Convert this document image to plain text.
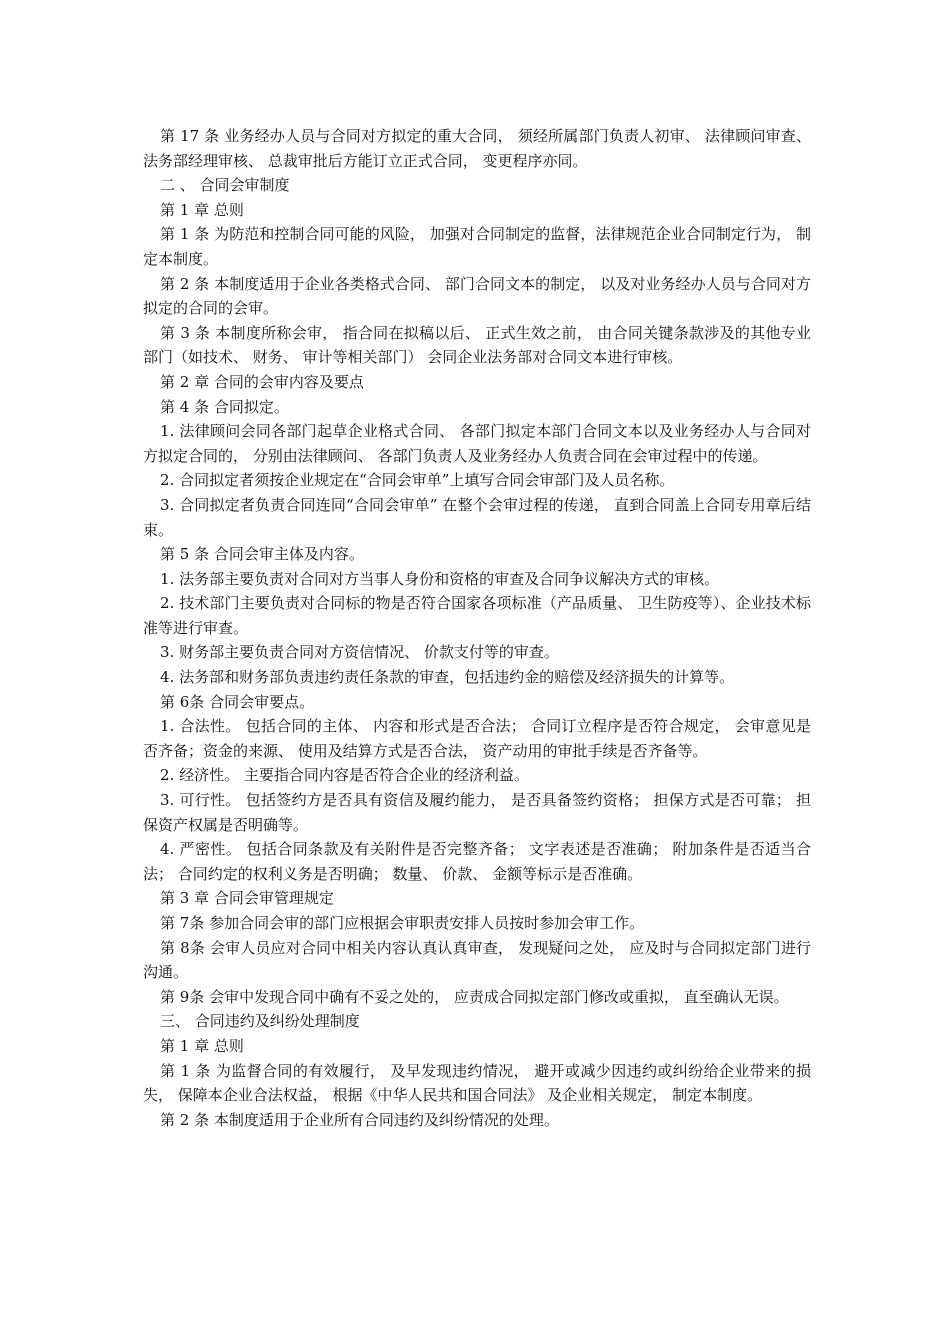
第 17 条 业务经办人员与合同对方拟定的重大合同， 须经所属部门负责人初审、 法律顾问审查、 法务部经理审核、 总裁审批后方能订立正式合同， 变更程序亦同。

二 、 合同会审制度

第 1 章 总则

第 1 条 为防范和控制合同可能的风险， 加强对合同制定的监督，法律规范企业合同制定行为， 制定本制度。

第 2 条 本制度适用于企业各类格式合同、 部门合同文本的制定， 以及对业务经办人员与合同对方拟定的合同的会审。

第 3 条 本制度所称会审， 指合同在拟稿以后、 正式生效之前， 由合同关键条款涉及的其他专业部门（如技术、 财务、 审计等相关部门） 会同企业法务部对合同文本进行审核。

第 2 章 合同的会审内容及要点

第 4 条 合同拟定。

1. 法律顾问会同各部门起草企业格式合同、 各部门拟定本部门合同文本以及业务经办人与合同对方拟定合同的， 分别由法律顾问、 各部门负责人及业务经办人负责合同在会审过程中的传递。

2. 合同拟定者须按企业规定在“合同会审单”上填写合同会审部门及人员名称。

3. 合同拟定者负责合同连同“合同会审单” 在整个会审过程的传递， 直到合同盖上合同专用章后结束。

第 5 条 合同会审主体及内容。

1. 法务部主要负责对合同对方当事人身份和资格的审查及合同争议解决方式的审核。

2. 技术部门主要负责对合同标的物是否符合国家各项标准（产品质量、 卫生防疫等）、企业技术标准等进行审查。

3. 财务部主要负责合同对方资信情况、 价款支付等的审查。

4. 法务部和财务部负责违约责任条款的审查，包括违约金的赔偿及经济损失的计算等。

第 6条 合同会审要点。

1. 合法性。 包括合同的主体、 内容和形式是否合法； 合同订立程序是否符合规定， 会审意见是否齐备；资金的来源、 使用及结算方式是否合法， 资产动用的审批手续是否齐备等。

2. 经济性。 主要指合同内容是否符合企业的经济利益。

3. 可行性。 包括签约方是否具有资信及履约能力， 是否具备签约资格； 担保方式是否可靠； 担保资产权属是否明确等。

4. 严密性。 包括合同条款及有关附件是否完整齐备； 文字表述是否准确； 附加条件是否适当合法； 合同约定的权利义务是否明确； 数量、 价款、 金额等标示是否准确。

第 3 章 合同会审管理规定

第 7条 参加合同会审的部门应根据会审职责安排人员按时参加会审工作。

第 8条 会审人员应对合同中相关内容认真认真审查， 发现疑问之处， 应及时与合同拟定部门进行沟通。

第 9条 会审中发现合同中确有不妥之处的， 应责成合同拟定部门修改或重拟， 直至确认无误。

三、 合同违约及纠纷处理制度

第 1 章 总则

第 1 条 为监督合同的有效履行， 及早发现违约情况， 避开或减少因违约或纠纷给企业带来的损失， 保障本企业合法权益， 根据《中华人民共和国合同法》 及企业相关规定， 制定本制度。

第 2 条 本制度适用于企业所有合同违约及纠纷情况的处理。
